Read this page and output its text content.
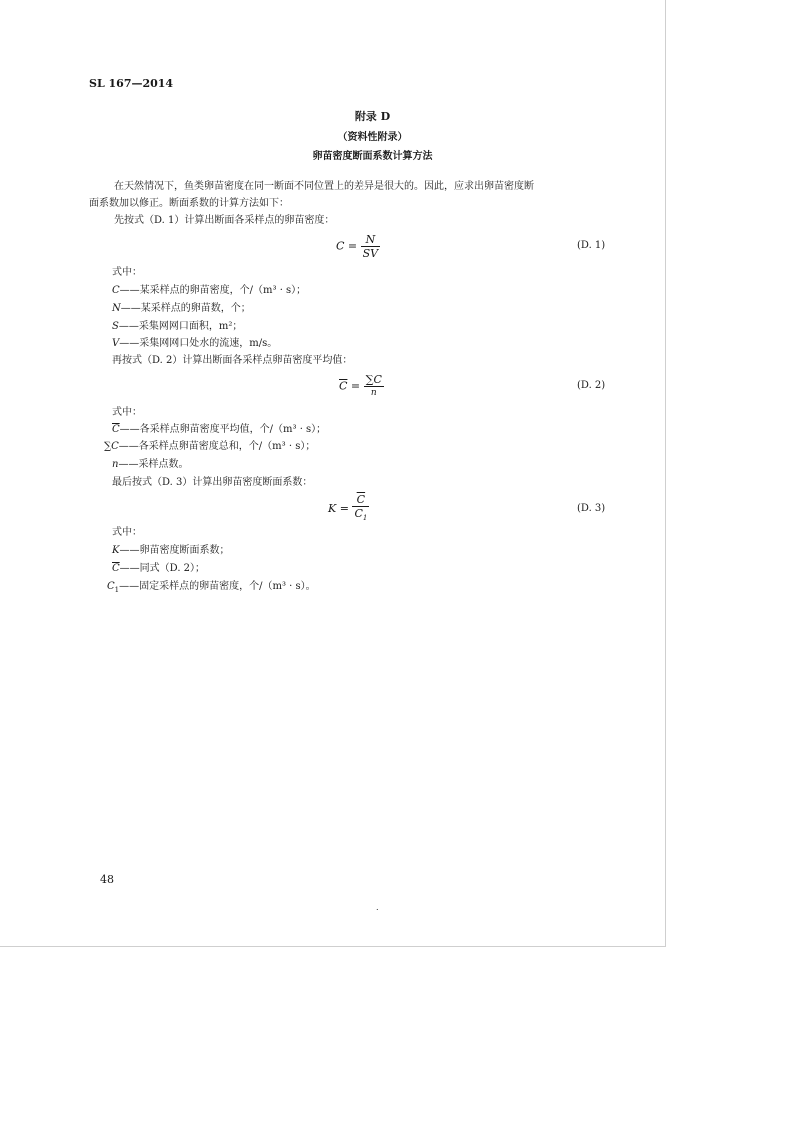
SL 167—2014
附录 D
（资料性附录）
卵苗密度断面系数计算方法
在天然情况下，鱼类卵苗密度在同一断面不同位置上的差异是很大的。因此，应求出卵苗密度断
面系数加以修正。断面系数的计算方法如下：
先按式（D. 1）计算出断面各采样点的卵苗密度：
$C = \frac{N}{SV}$	(D. 1)
式中：
C——某采样点的卵苗密度，个/（m³ · s）；
N——某采样点的卵苗数，个；
S——采集网网口面积，m²；
V——采集网网口处水的流速，m/s。
再按式（D. 2）计算出断面各采样点卵苗密度平均值：
$\overline{C} = \frac{\sum C}{n}$	(D. 2)
式中：
$\overline{C}——$各采样点卵苗密度平均值，个/（m³ · s）；
∑C——各采样点卵苗密度总和，个/（m³ · s）；
n——采样点数。
最后按式（D. 3）计算出卵苗密度断面系数：
$K = \frac{\overline{C}}{C_1}$	(D. 3)
式中：
K——卵苗密度断面系数；
$\overline{C}——$同式（D. 2）；
$C_1——$固定采样点的卵苗密度，个/（m³ · s）。
48
.
